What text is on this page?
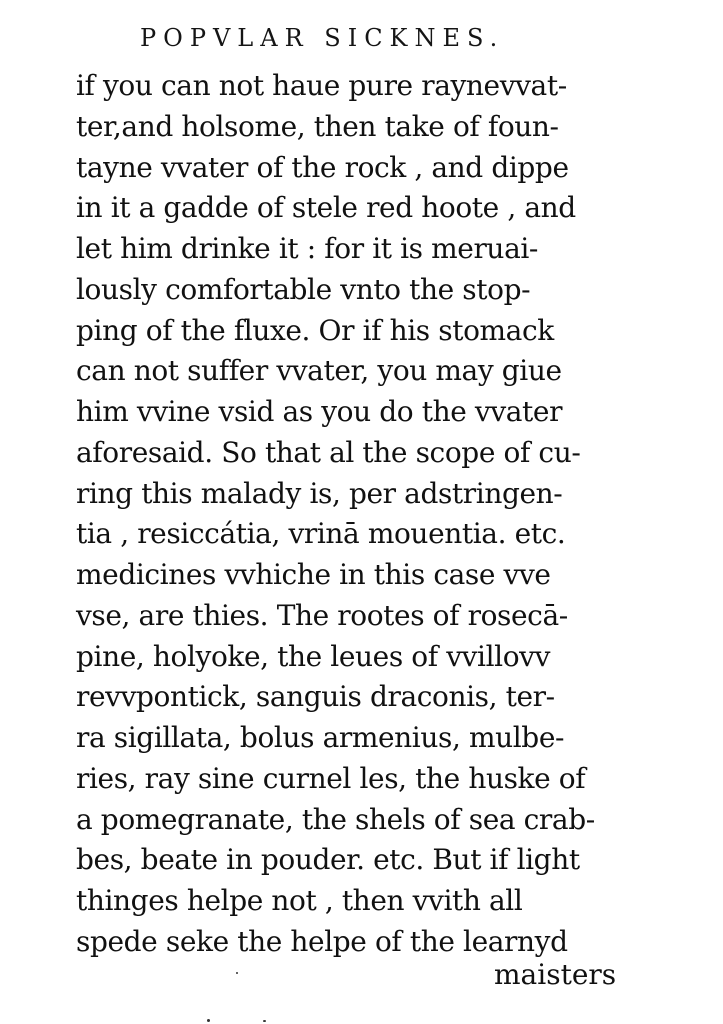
POPVLAR SICKNES.
if you can not haue pure raynevvat-
ter,and holsome, then take of foun-
tayne vvater of the rock , and dippe
in it a gadde of stele red hoote , and
let him drinke it : for it is meruai-
lously comfortable vnto the stop-
ping of the fluxe. Or if his stomack
can not suffer vvater, you may giue
him vvine vsid as you do the vvater
aforesaid. So that al the scope of cu-
ring this malady is, per adstringen-
tia , resiccátia, vrinā mouentia. etc.
medicines vvhiche in this case vve
vse, are thies. The rootes of rosecā-
pine, holyoke, the leues of vvillovv
revvpontick, sanguis draconis, ter-
ra sigillata, bolus armenius, mulbe-
ries, ray sine curnel les, the huske of
a pomegranate, the shels of sea crab-
bes, beate in pouder. etc. But if light
thinges helpe not , then vvith all
spede seke the helpe of the learnyd
maisters
